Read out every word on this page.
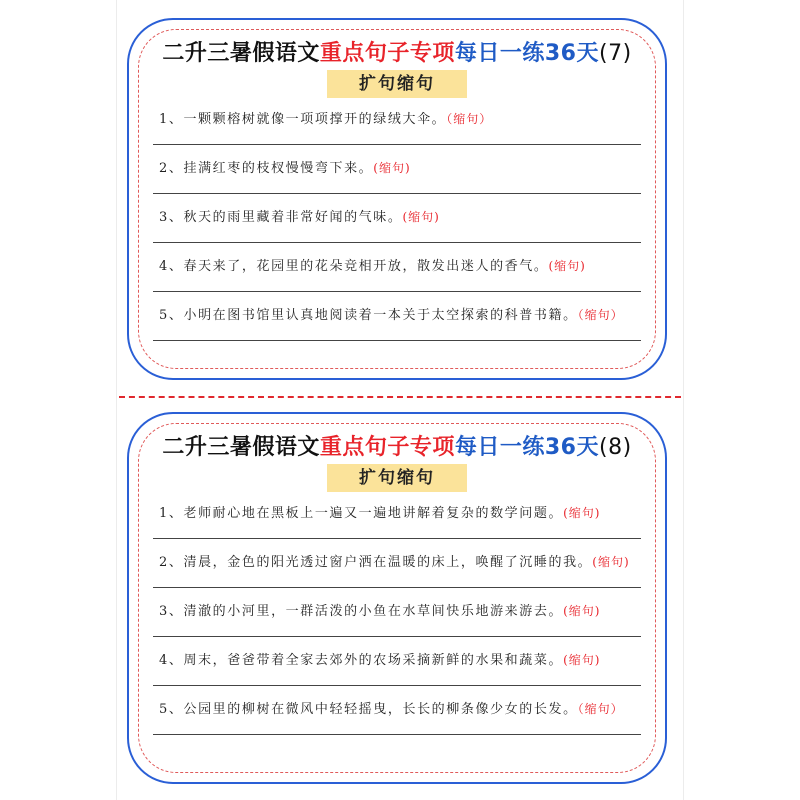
二升三暑假语文重点句子专项每日一练36天(7)
扩句缩句
1、一颗颗榕树就像一项项撑开的绿绒大伞。（缩句）
2、挂满红枣的枝杈慢慢弯下来。(缩句)
3、秋天的雨里藏着非常好闻的气味。(缩句)
4、春天来了，花园里的花朵竞相开放，散发出迷人的香气。(缩句)
5、小明在图书馆里认真地阅读着一本关于太空探索的科普书籍。（缩句）
二升三暑假语文重点句子专项每日一练36天(8)
扩句缩句
1、老师耐心地在黑板上一遍又一遍地讲解着复杂的数学问题。(缩句)
2、清晨，金色的阳光透过窗户洒在温暖的床上，唤醒了沉睡的我。(缩句)
3、清澈的小河里，一群活泼的小鱼在水草间快乐地游来游去。(缩句)
4、周末，爸爸带着全家去郊外的农场采摘新鲜的水果和蔬菜。(缩句)
5、公园里的柳树在微风中轻轻摇曳，长长的柳条像少女的长发。（缩句）
